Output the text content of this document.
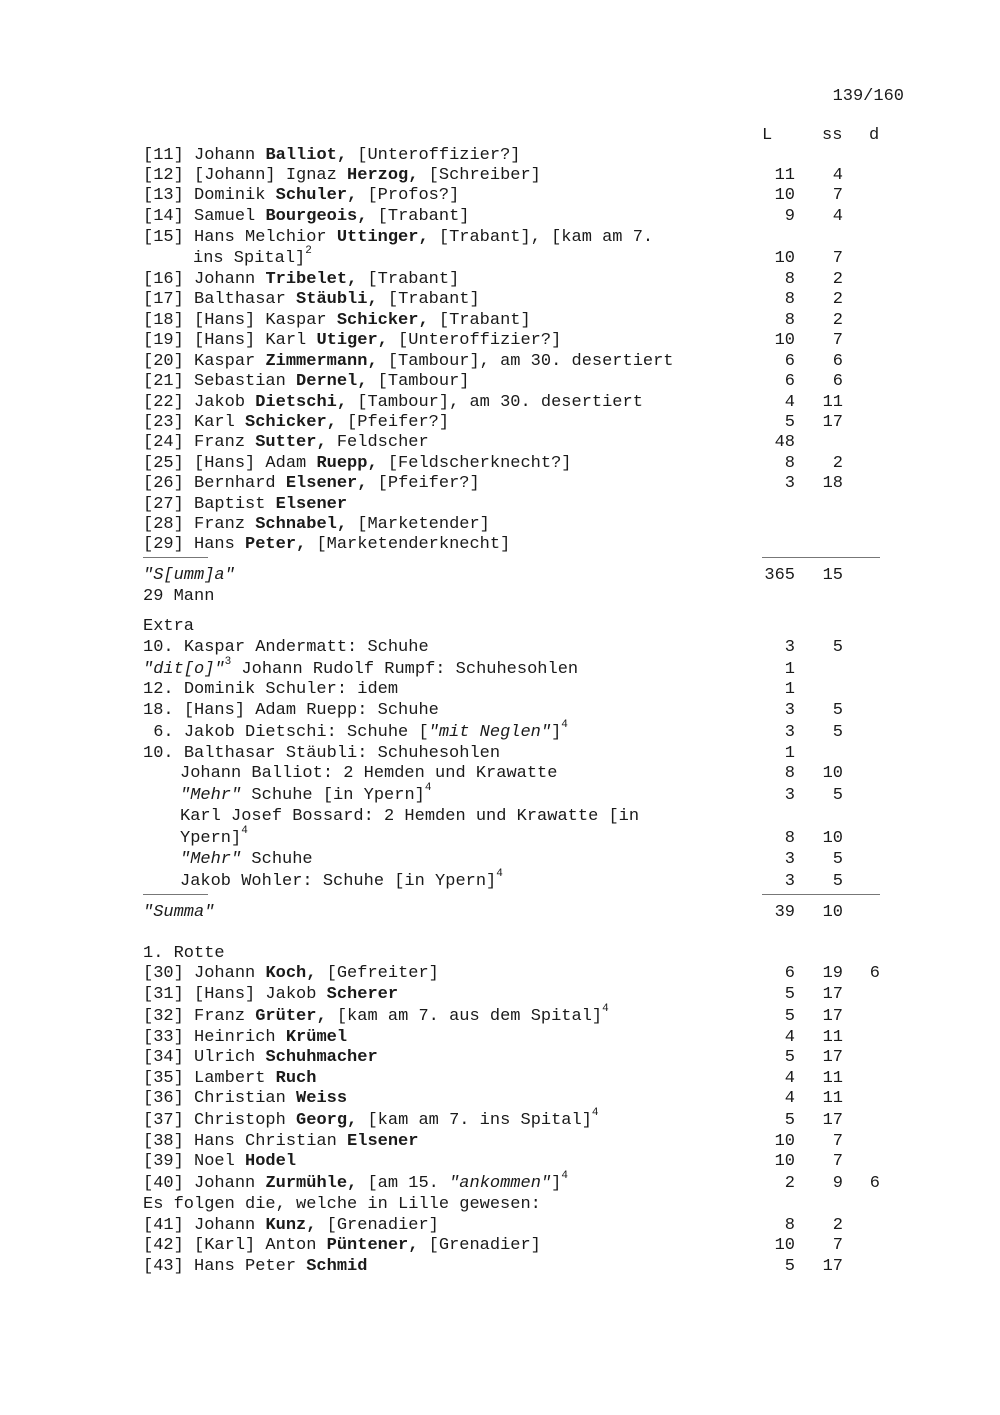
139/160
L	ss d
[11] Johann Balliot, [Unteroffizier?]
[12] [Johann] Ignaz Herzog, [Schreiber]	11 4
[13] Dominik Schuler, [Profos?]	10 7
[14] Samuel Bourgeois, [Trabant]	9 4
[15] Hans Melchior Uttinger, [Trabant], [kam am 7.
ins Spital]$^2$	10 7
[16] Johann Tribelet, [Trabant]	8 2
[17] Balthasar Stäubli, [Trabant]	8 2
[18] [Hans] Kaspar Schicker, [Trabant]	8 2
[19] [Hans] Karl Utiger, [Unteroffizier?]	10 7
[20] Kaspar Zimmermann, [Tambour], am 30. desertiert	6 6
[21] Sebastian Dernel, [Tambour]	6 6
[22] Jakob Dietschi, [Tambour], am 30. desertiert	4 11
[23] Karl Schicker, [Pfeifer?]	5 17
[24] Franz Sutter, Feldscher	48
[25] [Hans] Adam Ruepp, [Feldscherknecht?]	8 2
[26] Bernhard Elsener, [Pfeifer?]	3 18
[27] Baptist Elsener
[28] Franz Schnabel, [Marketender]
[29] Hans Peter, [Marketenderknecht]
"S[umm]a"	365 15
29 Mann
Extra
10. Kaspar Andermatt: Schuhe	3 5
"dit[o]"$^3$ Johann Rudolf Rumpf: Schuhesohlen	1
12. Dominik Schuler: idem	1
18. [Hans] Adam Ruepp: Schuhe	3 5
6. Jakob Dietschi: Schuhe ["mit Neglen"]$^4$	3 5
10. Balthasar Stäubli: Schuhesohlen	1
Johann Balliot: 2 Hemden und Krawatte	8 10
"Mehr" Schuhe [in Ypern]$^4$	3 5
Karl Josef Bossard: 2 Hemden und Krawatte [in
Ypern]$^4$	8 10
"Mehr" Schuhe	3 5
Jakob Wohler: Schuhe [in Ypern]$^4$	3 5
"Summa"	39 10
1. Rotte
[30] Johann Koch, [Gefreiter]	6 19 6
[31] [Hans] Jakob Scherer	5 17
[32] Franz Grüter, [kam am 7. aus dem Spital]$^4$	5 17
[33] Heinrich Krümel	4 11
[34] Ulrich Schuhmacher	5 17
[35] Lambert Ruch	4 11
[36] Christian Weiss	4 11
[37] Christoph Georg, [kam am 7. ins Spital]$^4$	5 17
[38] Hans Christian Elsener	10 7
[39] Noel Hodel	10 7
[40] Johann Zurmühle, [am 15. "ankommen"]$^4$	2 9 6
Es folgen die, welche in Lille gewesen:
[41] Johann Kunz, [Grenadier]	8 2
[42] [Karl] Anton Püntener, [Grenadier]	10 7
[43] Hans Peter Schmid	5 17
